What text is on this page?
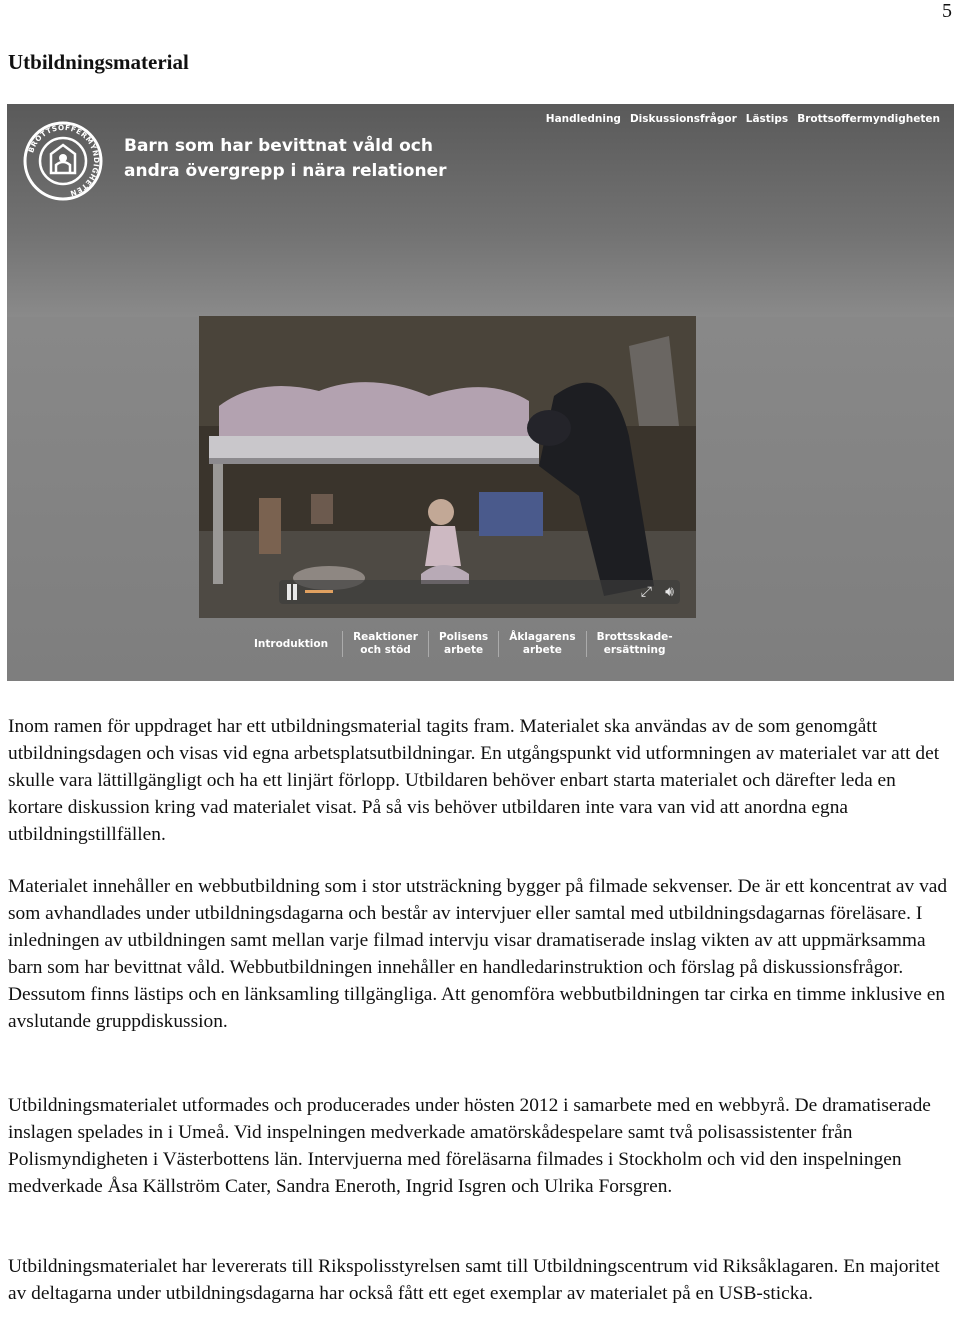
5
Utbildningsmaterial
BROTTSOFFERMYNDIGHETEN
Barn som har bevittnat våld och
andra övergrepp i nära relationer
Handledning Diskussionsfrågor Lästips Brottsoffermyndigheten
⤢ 🔊︎
Introduktion
Reaktioner
och stöd
Polisens
arbete
Åklagarens
arbete
Brottsskade-
ersättning

Inom ramen för uppdraget har ett utbildningsmaterial tagits fram. Materialet ska användas av de som genomgått utbildningsdagen och visas vid egna arbetsplatsutbildningar. En utgångspunkt vid utformningen av materialet var att det skulle vara lättillgängligt och ha ett linjärt förlopp. Utbildaren behöver enbart starta materialet och därefter leda en kortare diskussion kring vad materialet visat. På så vis behöver utbildaren inte vara van vid att anordna egna utbildningstillfällen.

Materialet innehåller en webbutbildning som i stor utsträckning bygger på filmade sekvenser. De är ett koncentrat av vad som avhandlades under utbildningsdagarna och består av intervjuer eller samtal med utbildningsdagarnas föreläsare. I inledningen av utbildningen samt mellan varje filmad intervju visar dramatiserade inslag vikten av att uppmärksamma barn som har bevittnat våld. Webbutbildningen innehåller en handledarinstruktion och förslag på diskussionsfrågor. Dessutom finns lästips och en länksamling tillgängliga. Att genomföra webbutbildningen tar cirka en timme inklusive en avslutande gruppdiskussion.

Utbildningsmaterialet utformades och producerades under hösten 2012 i samarbete med en webbyrå. De dramatiserade inslagen spelades in i Umeå. Vid inspelningen medverkade amatörskådespelare samt två polisassistenter från Polismyndigheten i Västerbottens län. Intervjuerna med föreläsarna filmades i Stockholm och vid den inspelningen medverkade Åsa Källström Cater, Sandra Eneroth, Ingrid Isgren och Ulrika Forsgren.

Utbildningsmaterialet har levererats till Rikspolisstyrelsen samt till Utbildningscentrum vid Riksåklagaren. En majoritet av deltagarna under utbildningsdagarna har också fått ett eget exemplar av materialet på en USB-sticka.
